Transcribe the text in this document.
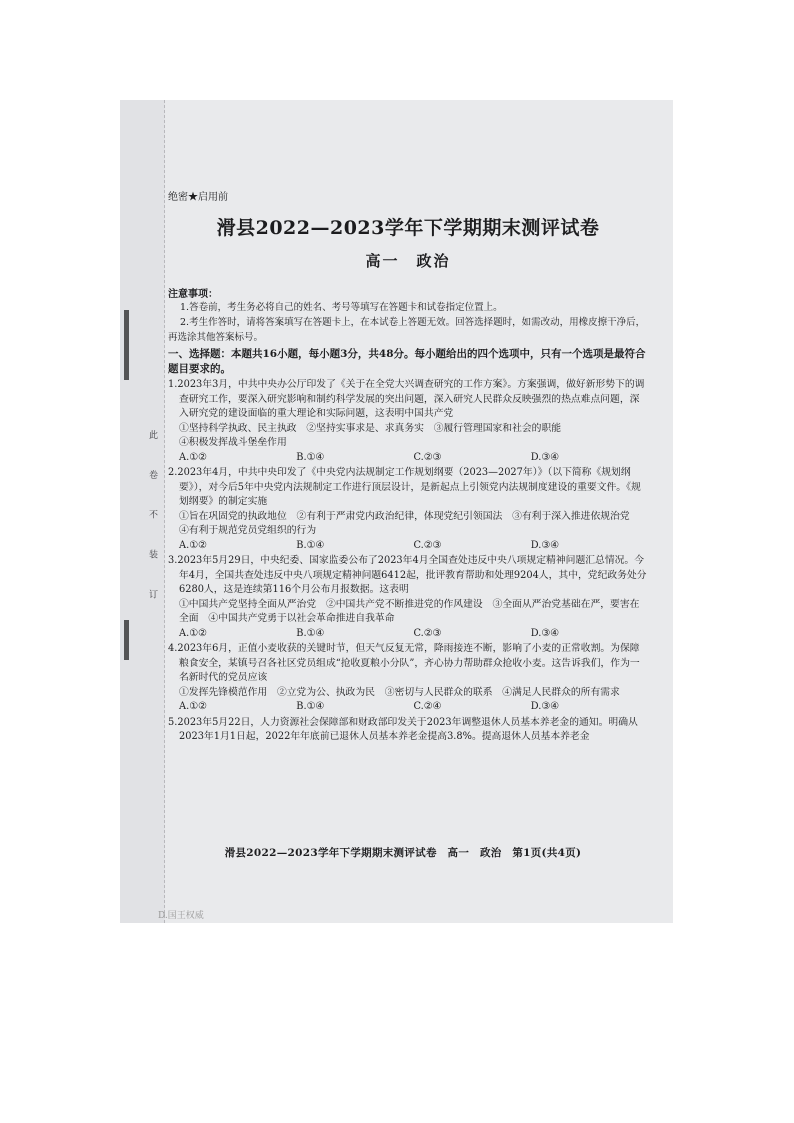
此 卷 不 装 订
绝密★启用前
滑县2022—2023学年下学期期末测评试卷
高一　政治
注意事项：
1.答卷前，考生务必将自己的姓名、考号等填写在答题卡和试卷指定位置上。
2.考生作答时，请将答案填写在答题卡上，在本试卷上答题无效。回答选择题时，如需改动，用橡皮擦干净后，再选涂其他答案标号。
一、选择题：本题共16小题，每小题3分，共48分。每小题给出的四个选项中，只有一个选项是最符合题目要求的。
1.2023年3月，中共中央办公厅印发了《关于在全党大兴调查研究的工作方案》。方案强调，做好新形势下的调查研究工作，要深入研究影响和制约科学发展的突出问题，深入研究人民群众反映强烈的热点难点问题，深入研究党的建设面临的重大理论和实际问题，这表明中国共产党
①坚持科学执政、民主执政　②坚持实事求是、求真务实　③履行管理国家和社会的职能
④积极发挥战斗堡垒作用
A.①②	B.①④	C.②③	D.③④
2.2023年4月，中共中央印发了《中央党内法规制定工作规划纲要（2023—2027年）》（以下简称《规划纲要》），对今后5年中央党内法规制定工作进行顶层设计，是新起点上引领党内法规制度建设的重要文件。《规划纲要》的制定实施
①旨在巩固党的执政地位　②有利于严肃党内政治纪律，体现党纪引领国法　③有利于深入推进依规治党　④有利于规范党员党组织的行为
A.①②	B.①④	C.②③	D.③④
3.2023年5月29日，中央纪委、国家监委公布了2023年4月全国查处违反中央八项规定精神问题汇总情况。今年4月，全国共查处违反中央八项规定精神问题6412起，批评教育帮助和处理9204人，其中，党纪政务处分6280人，这是连续第116个月公布月报数据。这表明
①中国共产党坚持全面从严治党　②中国共产党不断推进党的作风建设　③全面从严治党基础在严，要害在全面　④中国共产党勇于以社会革命推进自我革命
A.①②	B.①④	C.②③	D.③④
4.2023年6月，正值小麦收获的关键时节，但天气反复无常，降雨接连不断，影响了小麦的正常收割。为保障粮食安全，某镇号召各社区党员组成“抢收夏粮小分队”，齐心协力帮助群众抢收小麦。这告诉我们，作为一名新时代的党员应该
①发挥先锋模范作用　②立党为公、执政为民　③密切与人民群众的联系　④满足人民群众的所有需求
A.①②	B.①④	C.②④	D.③④
5.2023年5月22日，人力资源社会保障部和财政部印发关于2023年调整退休人员基本养老金的通知。明确从2023年1月1日起，2022年年底前已退休人员基本养老金提高3.8%。提高退休人员基本养老金
滑县2022—2023学年下学期期末测评试卷　高一　政治　第1页(共4页)
D.国王权威
